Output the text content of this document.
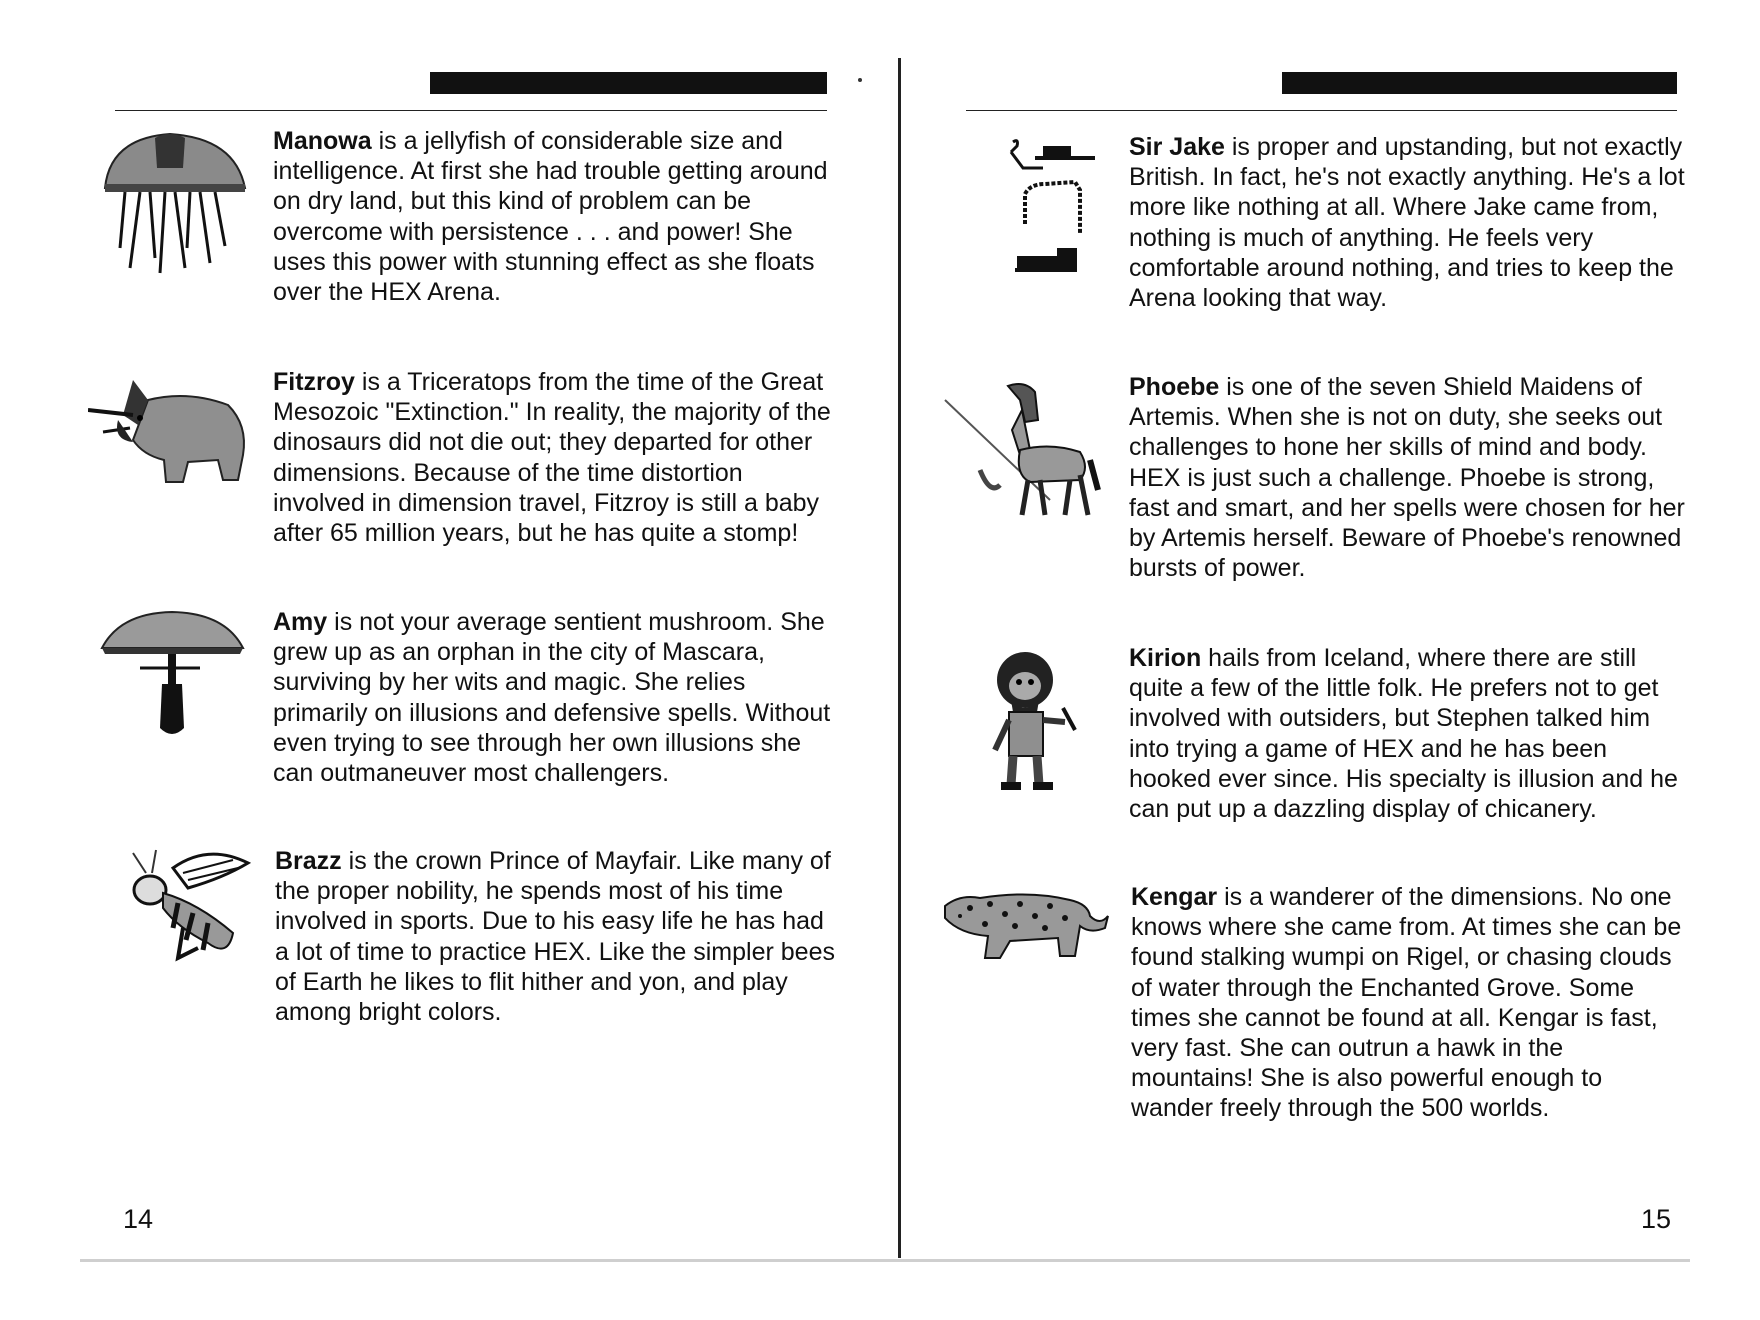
Manowa is a jellyfish of considerable size and intelligence. At first she had trouble getting around on dry land, but this kind of problem can be overcome with persistence . . . and power! She uses this power with stunning effect as she floats over the HEX Arena.
Fitzroy is a Triceratops from the time of the Great Mesozoic "Extinction." In reality, the majority of the dinosaurs did not die out; they departed for other dimensions. Because of the time distortion involved in dimension travel, Fitzroy is still a baby after 65 million years, but he has quite a stomp!
Amy is not your average sentient mushroom. She grew up as an orphan in the city of Mascara, surviving by her wits and magic. She relies primarily on illusions and defensive spells. Without even trying to see through her own illusions she can outmaneuver most challengers.
Brazz is the crown Prince of Mayfair. Like many of the proper nobility, he spends most of his time involved in sports. Due to his easy life he has had a lot of time to practice HEX. Like the simpler bees of Earth he likes to flit hither and yon, and play among bright colors.
14
Sir Jake is proper and upstanding, but not exactly British. In fact, he's not exactly anything. He's a lot more like nothing at all. Where Jake came from, nothing is much of anything. He feels very comfortable around nothing, and tries to keep the Arena looking that way.
Phoebe is one of the seven Shield Maidens of Artemis. When she is not on duty, she seeks out challenges to hone her skills of mind and body. HEX is just such a challenge. Phoebe is strong, fast and smart, and her spells were chosen for her by Artemis herself. Beware of Phoebe's renowned bursts of power.
Kirion hails from Iceland, where there are still quite a few of the little folk. He prefers not to get involved with outsiders, but Stephen talked him into trying a game of HEX and he has been hooked ever since. His specialty is illusion and he can put up a dazzling display of chicanery.
Kengar is a wanderer of the dimensions. No one knows where she came from. At times she can be found stalking wumpi on Rigel, or chasing clouds of water through the Enchanted Grove. Some times she cannot be found at all. Kengar is fast, very fast. She can outrun a hawk in the mountains! She is also powerful enough to wander freely through the 500 worlds.
15
